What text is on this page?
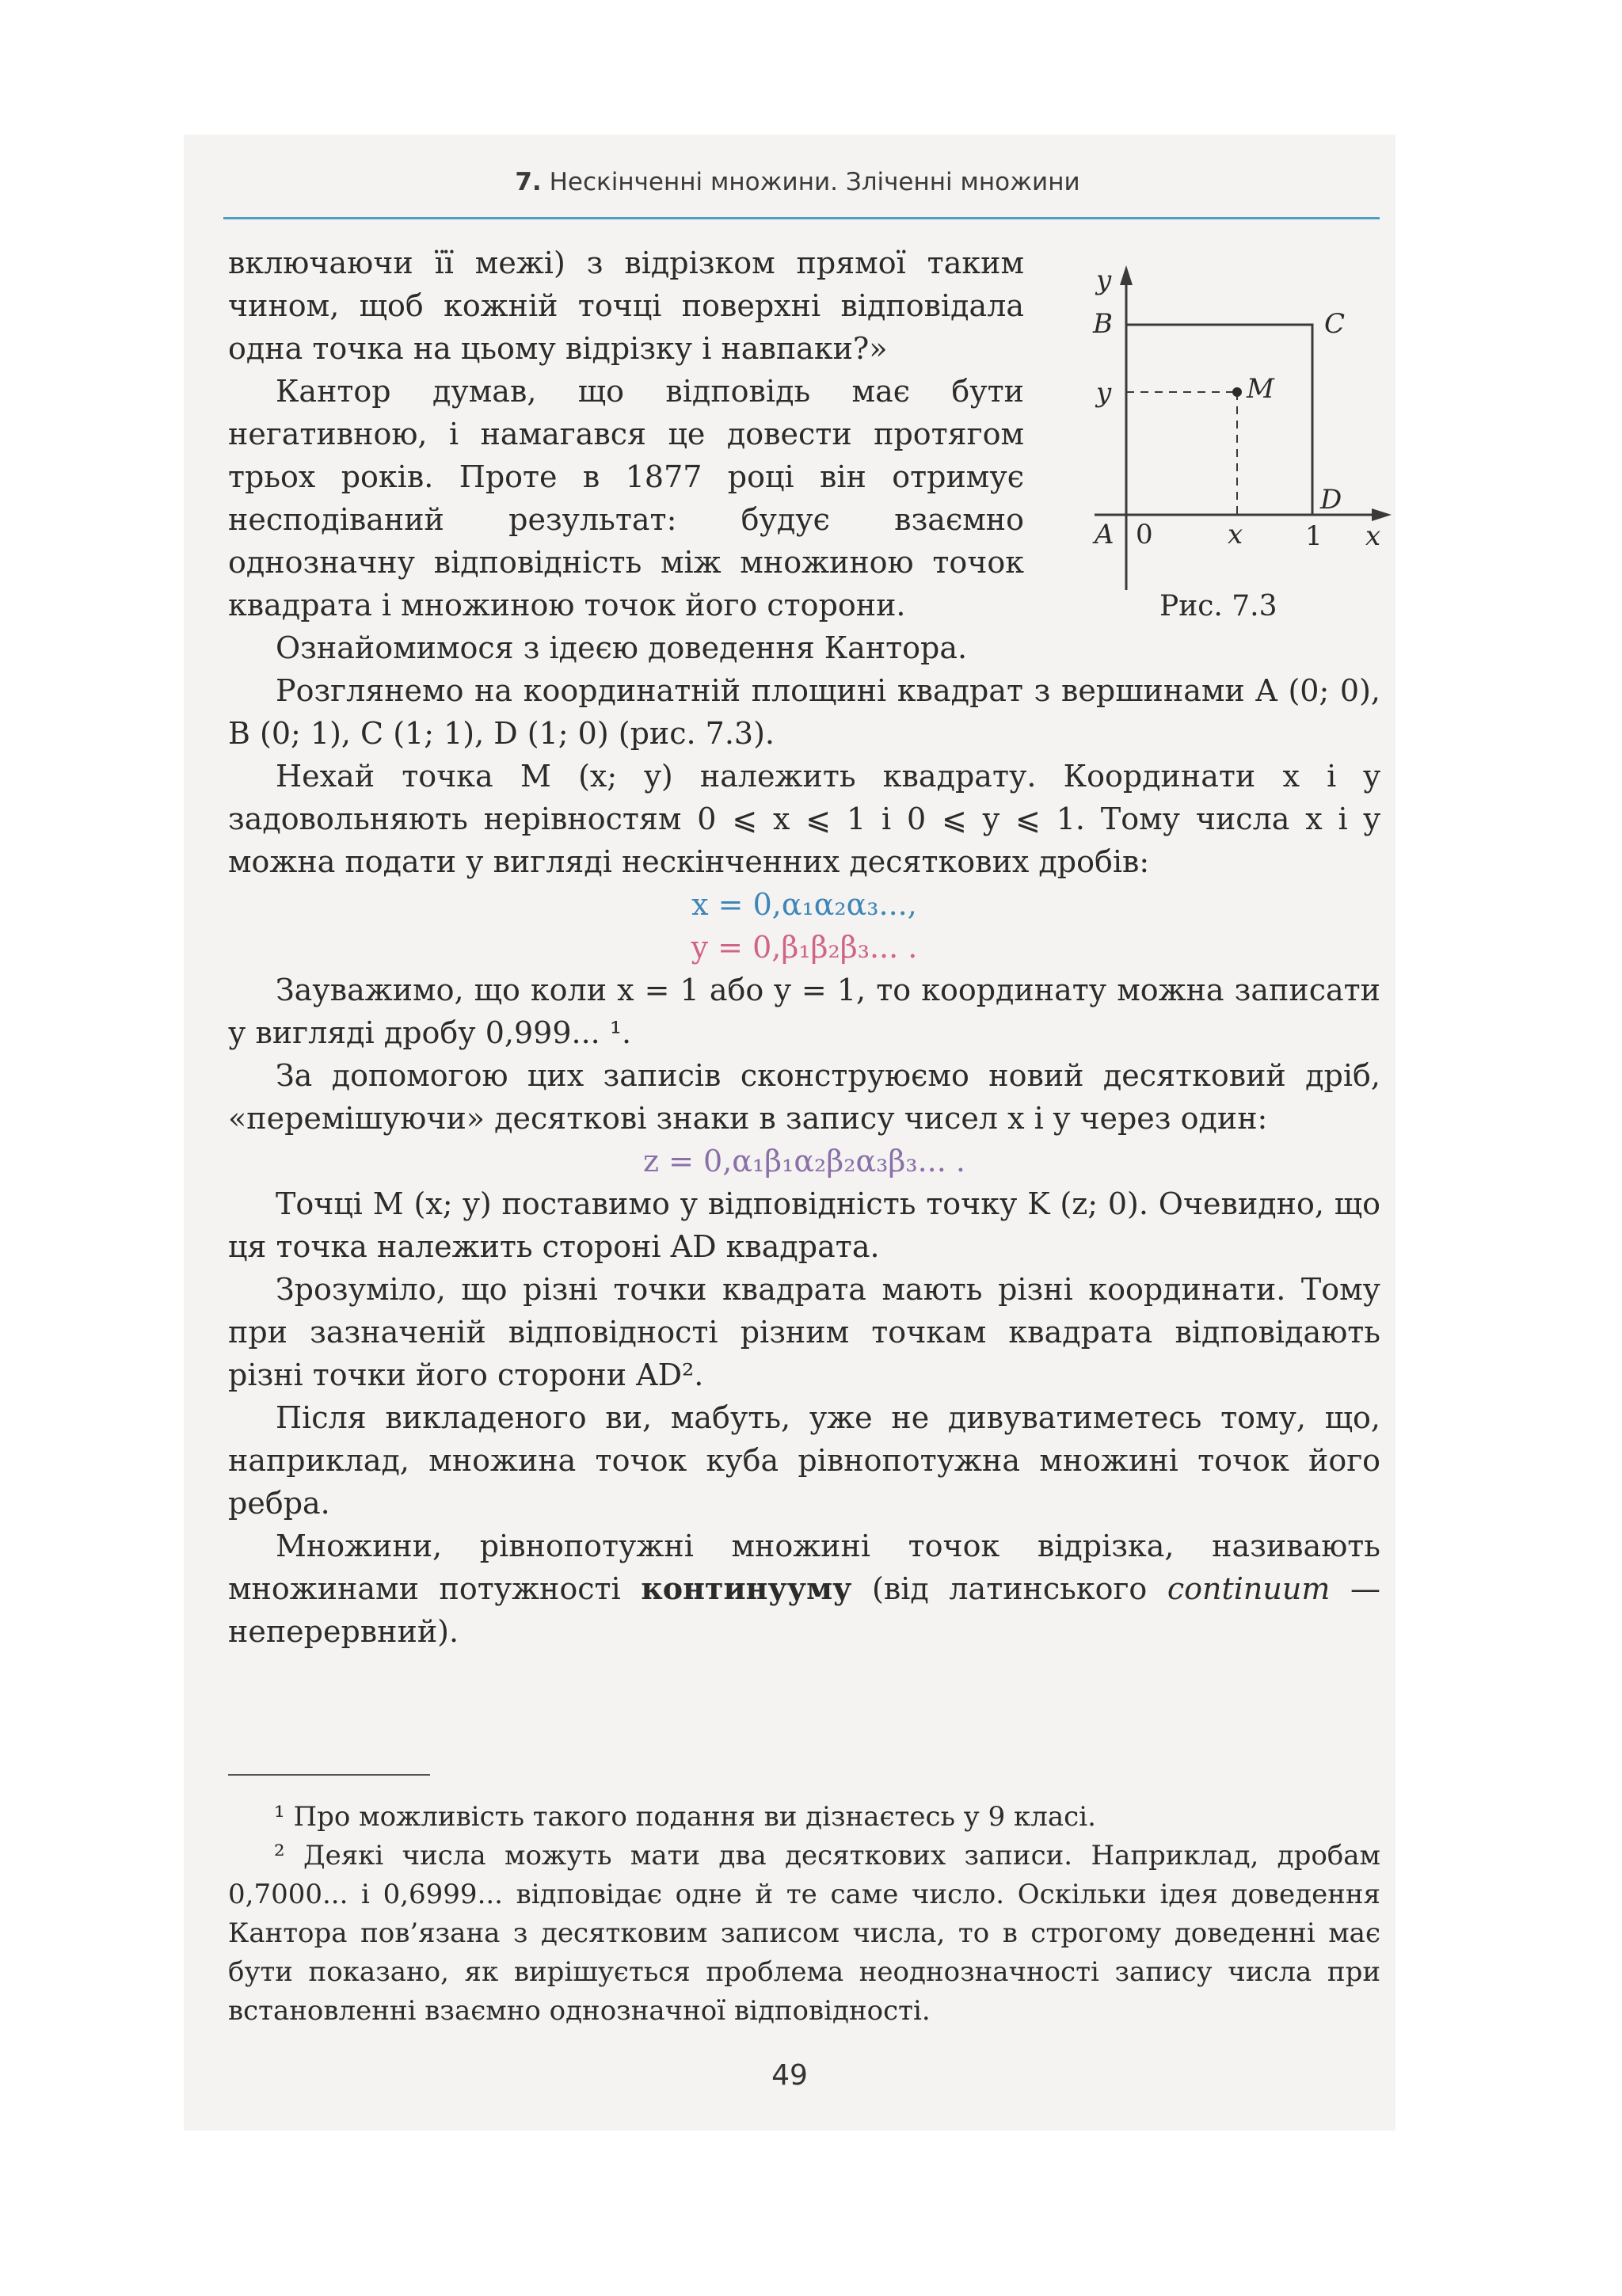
7. Нескінченні множини. Зліченні множини

включаючи її межі) з відрізком прямої таким чином, щоб кожній точці поверхні відповідала одна точка на цьому відрізку і навпаки?»

Кантор думав, що відповідь має бути негативною, і намагався це довести протягом трьох років. Проте в 1877 році він отримує несподіваний результат: будує взаємно однозначну відповідність між множиною точок квадрата і множиною точок його сторони.

Ознайомимося з ідеєю доведення Кантора.

y
B	C
y	M
D
A 0	x 1 x
Рис. 7.3

Розглянемо на координатній площині квадрат з вершинами A (0; 0), B (0; 1), C (1; 1), D (1; 0) (рис. 7.3).

Нехай точка M (x; y) належить квадрату. Координати x і y задовольняють нерівностям 0 ⩽ x ⩽ 1 і 0 ⩽ y ⩽ 1. Тому числа x і y можна подати у вигляді нескінченних десяткових дробів:

x = 0,α₁α₂α₃...,

y = 0,β₁β₂β₃... .

Зауважимо, що коли x = 1 або y = 1, то координату можна записати у вигляді дробу 0,999... ¹.

За допомогою цих записів сконструюємо новий десятковий дріб, «перемішуючи» десяткові знаки в запису чисел x і y через один:

z = 0,α₁β₁α₂β₂α₃β₃... .

Точці M (x; y) поставимо у відповідність точку K (z; 0). Очевидно, що ця точка належить стороні AD квадрата.

Зрозуміло, що різні точки квадрата мають різні координати. Тому при зазначеній відповідності різним точкам квадрата відповідають різні точки його сторони AD².

Після викладеного ви, мабуть, уже не дивуватиметесь тому, що, наприклад, множина точок куба рівнопотужна множині точок його ребра.

Множини, рівнопотужні множині точок відрізка, називають множинами потужності континууму (від латинського continuum — неперервний).

¹ Про можливість такого подання ви дізнаєтесь у 9 класі.

² Деякі числа можуть мати два десяткових записи. Наприклад, дробам 0,7000... і 0,6999... відповідає одне й те саме число. Оскільки ідея доведення Кантора пов’язана з десятковим записом числа, то в строгому доведенні має бути показано, як вирішується проблема неоднозначності запису числа при встановленні взаємно однозначної відповідності.

49
